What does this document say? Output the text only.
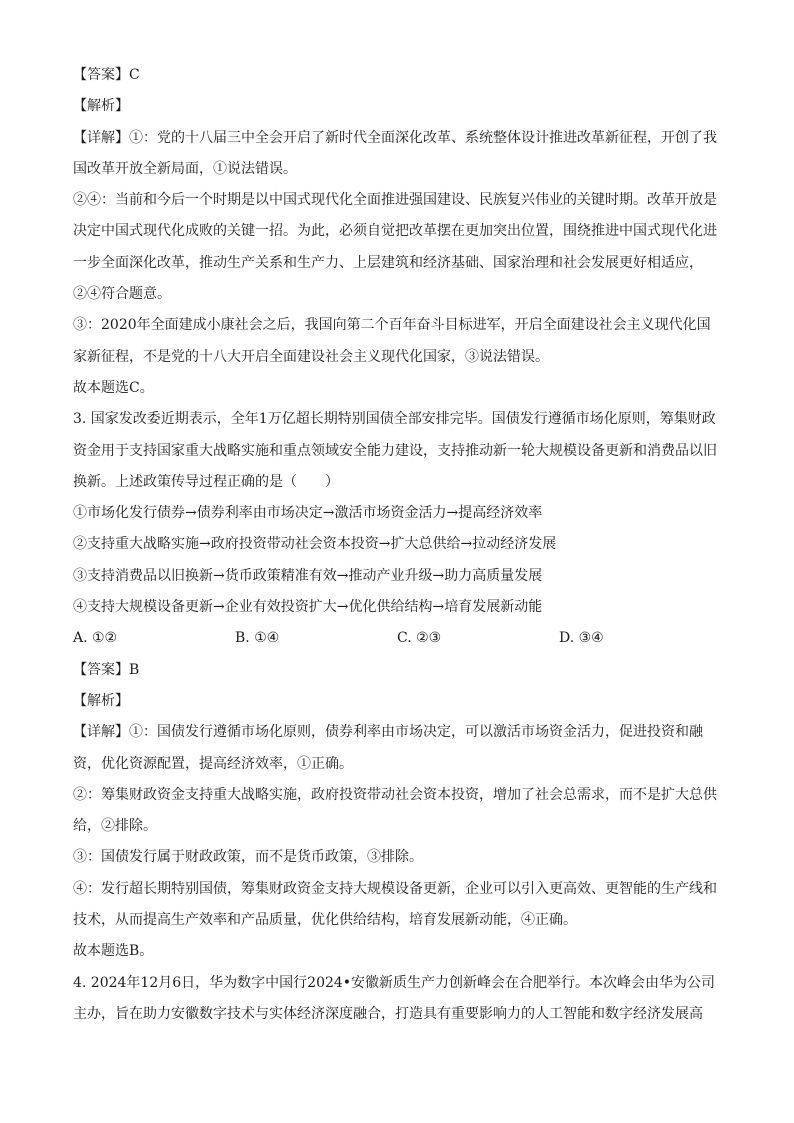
【答案】C
【解析】
【详解】①：党的十八届三中全会开启了新时代全面深化改革、系统整体设计推进改革新征程，开创了我
国改革开放全新局面，①说法错误。
②④：当前和今后一个时期是以中国式现代化全面推进强国建设、民族复兴伟业的关键时期。改革开放是
决定中国式现代化成败的关键一招。为此，必须自觉把改革摆在更加突出位置，围绕推进中国式现代化进
一步全面深化改革，推动生产关系和生产力、上层建筑和经济基础、国家治理和社会发展更好相适应，
②④符合题意。
③：2020年全面建成小康社会之后，我国向第二个百年奋斗目标进军，开启全面建设社会主义现代化国
家新征程，不是党的十八大开启全面建设社会主义现代化国家，③说法错误。
故本题选C。
3. 国家发改委近期表示，全年1万亿超长期特别国债全部安排完毕。国债发行遵循市场化原则，筹集财政
资金用于支持国家重大战略实施和重点领域安全能力建设，支持推动新一轮大规模设备更新和消费品以旧
换新。上述政策传导过程正确的是（　　）
①市场化发行债券→债券利率由市场决定→激活市场资金活力→提高经济效率
②支持重大战略实施→政府投资带动社会资本投资→扩大总供给→拉动经济发展
③支持消费品以旧换新→货币政策精准有效→推动产业升级→助力高质量发展
④支持大规模设备更新→企业有效投资扩大→优化供给结构→培育发展新动能
A. ①②	B. ①④	C. ②③	D. ③④
【答案】B
【解析】
【详解】①：国债发行遵循市场化原则，债券利率由市场决定，可以激活市场资金活力，促进投资和融
资，优化资源配置，提高经济效率，①正确。
②：筹集财政资金支持重大战略实施，政府投资带动社会资本投资，增加了社会总需求，而不是扩大总供
给，②排除。
③：国债发行属于财政政策，而不是货币政策，③排除。
④：发行超长期特别国债，筹集财政资金支持大规模设备更新，企业可以引入更高效、更智能的生产线和
技术，从而提高生产效率和产品质量，优化供给结构，培育发展新动能，④正确。
故本题选B。
4. 2024年12月6日，华为数字中国行2024•安徽新质生产力创新峰会在合肥举行。本次峰会由华为公司
主办，旨在助力安徽数字技术与实体经济深度融合，打造具有重要影响力的人工智能和数字经济发展高
